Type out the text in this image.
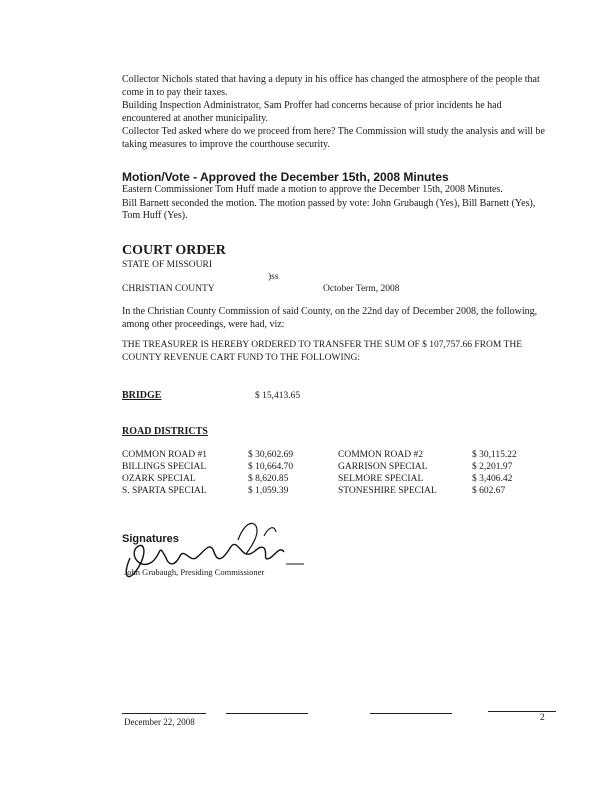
Collector Nichols stated that having a deputy in his office has changed the atmosphere of the people that come in to pay their taxes.

Building Inspection Administrator, Sam Proffer had concerns because of prior incidents he had encountered at another municipality.

Collector Ted asked where do we proceed from here? The Commission will study the analysis and will be taking measures to improve the courthouse security.

Motion/Vote - Approved the December 15th, 2008 Minutes

Eastern Commissioner Tom Huff made a motion to approve the December 15th, 2008 Minutes.

Bill Barnett seconded the motion. The motion passed by vote: John Grubaugh (Yes), Bill Barnett (Yes), Tom Huff (Yes).

COURT ORDER
STATE OF MISSOURI
)ss
CHRISTIAN COUNTY	October Term, 2008
In the Christian County Commission of said County, on the 22nd day of December 2008, the following, among other proceedings, were had, viz:
THE TREASURER IS HEREBY ORDERED TO TRANSFER THE SUM OF $ 107,757.66 FROM THE COUNTY REVENUE CART FUND TO THE FOLLOWING:
BRIDGE	$ 15,413.65
ROAD DISTRICTS
COMMON ROAD #1	$ 30,602.69	COMMON ROAD #2	$ 30,115.22
BILLINGS SPECIAL	$ 10,664.70	GARRISON SPECIAL	$ 2,201.97
OZARK SPECIAL	$ 8,620.85	SELMORE SPECIAL	$ 3,406.42
S. SPARTA SPECIAL	$ 1,059.39	STONESHIRE SPECIAL	$ 602.67
Signatures
John Grubaugh, Presiding Commissioner
December 22, 2008	2
